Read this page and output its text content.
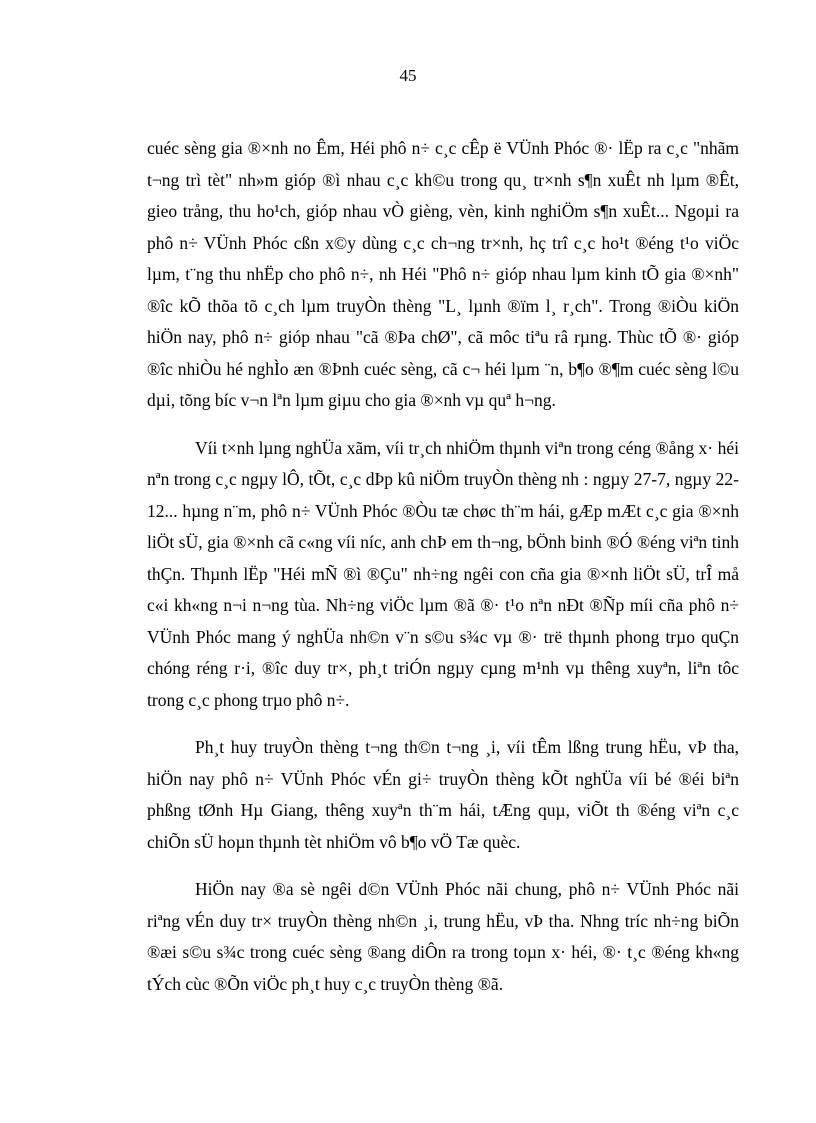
45

cuéc sèng gia ®×nh no Êm, Héi phô n÷ c¸c cÊp ë VÜnh Phóc ®· lËp ra c¸c "nhãm t¬ng trì tèt" nh»m gióp ®ì nhau c¸c kh©u trong qu¸ tr×nh s¶n xuÊt nh lµm ®Êt, gieo trång, thu ho¹ch, gióp nhau vÒ gièng, vèn, kinh nghiÖm s¶n xuÊt... Ngoµi ra phô n÷ VÜnh Phóc cßn x©y dùng c¸c ch¬ng tr×nh, hç trî c¸c ho¹t ®éng t¹o viÖc lµm, t¨ng thu nhËp cho phô n÷, nh Héi "Phô n÷ gióp nhau lµm kinh tÕ gia ®×nh" ®îc kÕ thõa tõ c¸ch lµm truyÒn thèng "L¸ lµnh ®ïm l¸ r¸ch". Trong ®iÒu kiÖn hiÖn nay, phô n÷ gióp nhau "cã ®Þa chØ", cã môc tiªu râ rµng. Thùc tÕ ®· gióp ®îc nhiÒu hé nghÌo æn ®Þnh cuéc sèng, cã c¬ héi lµm ¨n, b¶o ®¶m cuéc sèng l©u dµi, tõng bíc v¬n lªn lµm giµu cho gia ®×nh vµ quª h¬ng.

Víi t×nh lµng nghÜa xãm, víi tr¸ch nhiÖm thµnh viªn trong céng ®ång x· héi nªn trong c¸c ngµy lÔ, tÕt, c¸c dÞp kû niÖm truyÒn thèng nh : ngµy 27-7, ngµy 22-12... hµng n¨m, phô n÷ VÜnh Phóc ®Òu tæ chøc th¨m hái, gÆp mÆt c¸c gia ®×nh liÖt sÜ, gia ®×nh cã c«ng víi níc, anh chÞ em th¬ng, bÖnh binh ®Ó ®éng viªn tinh thÇn. Thµnh lËp "Héi mÑ ®ì ®Çu" nh÷ng ngêi con cña gia ®×nh liÖt sÜ, trÎ må c«i kh«ng n¬i n¬ng tùa. Nh÷ng viÖc lµm ®ã ®· t¹o nªn nÐt ®Ñp míi cña phô n÷ VÜnh Phóc mang ý nghÜa nh©n v¨n s©u s¾c vµ ®· trë thµnh phong trµo quÇn chóng réng r·i, ®îc duy tr×, ph¸t triÓn ngµy cµng m¹nh vµ thêng xuyªn, liªn tôc trong c¸c phong trµo phô n÷.

Ph¸t huy truyÒn thèng t¬ng th©n t¬ng ¸i, víi tÊm lßng trung hËu, vÞ tha, hiÖn nay phô n÷ VÜnh Phóc vÉn gi÷ truyÒn thèng kÕt nghÜa víi bé ®éi biªn phßng tØnh Hµ Giang, thêng xuyªn th¨m hái, tÆng quµ, viÕt th ®éng viªn c¸c chiÕn sÜ hoµn thµnh tèt nhiÖm vô b¶o vÖ Tæ quèc.

HiÖn nay ®a sè ngêi d©n VÜnh Phóc nãi chung, phô n÷ VÜnh Phóc nãi riªng vÉn duy tr× truyÒn thèng nh©n ¸i, trung hËu, vÞ tha. Nhng tríc nh÷ng biÕn ®æi s©u s¾c trong cuéc sèng ®ang diÔn ra trong toµn x· héi, ®· t¸c ®éng kh«ng tÝch cùc ®Õn viÖc ph¸t huy c¸c truyÒn thèng ®ã.
